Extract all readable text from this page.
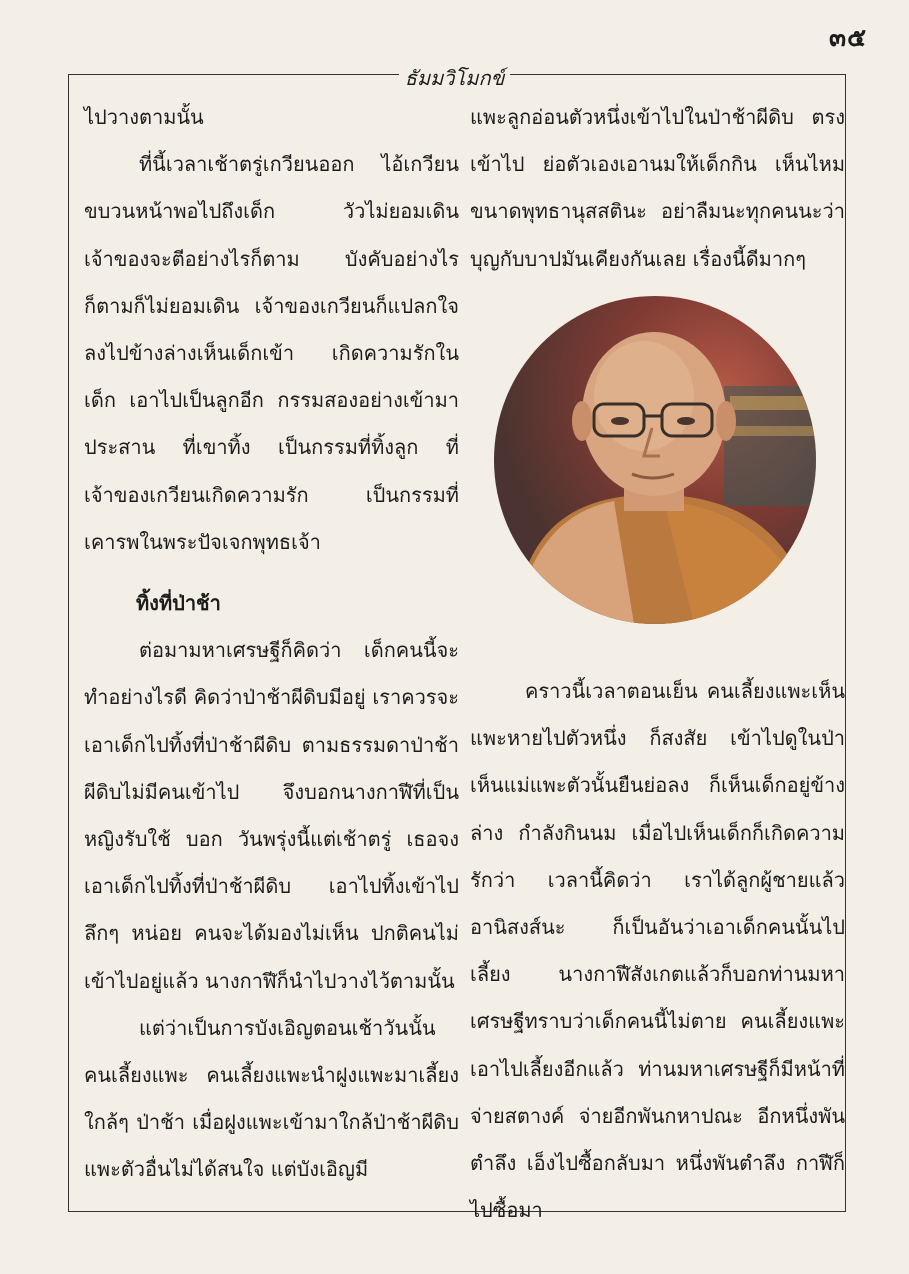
๓๕
ธัมมวิโมกข์

ไปวางตามนั้น

ที่นี้เวลาเช้าตรู่เกวียนออก ไอ้เกวียนขบวนหน้าพอไปถึงเด็ก วัวไม่ยอมเดิน เจ้าของจะตีอย่างไรก็ตาม บังคับอย่างไรก็ตามก็ไม่ยอมเดิน เจ้าของเกวียนก็แปลกใจ ลงไปข้างล่างเห็นเด็กเข้า เกิดความรักในเด็ก เอาไปเป็นลูกอีก กรรมสองอย่างเข้ามาประสาน ที่เขาทิ้ง เป็นกรรมที่ทิ้งลูก ที่เจ้าของเกวียนเกิดความรัก เป็นกรรมที่เคารพในพระปัจเจกพุทธเจ้า

ทิ้งที่ป่าช้า

ต่อมามหาเศรษฐีก็คิดว่า เด็กคนนี้จะทำอย่างไรดี คิดว่าป่าช้าผีดิบมีอยู่ เราควรจะเอาเด็กไปทิ้งที่ป่าช้าผีดิบ ตามธรรมดาป่าช้าผีดิบไม่มีคนเข้าไป จึงบอกนางกาฬีที่เป็นหญิงรับใช้ บอก วันพรุ่งนี้แต่เช้าตรู่ เธอจงเอาเด็กไปทิ้งที่ป่าช้าผีดิบ เอาไปทิ้งเข้าไปลึกๆ หน่อย คนจะได้มองไม่เห็น ปกติคนไม่เข้าไปอยู่แล้ว นางกาฬีก็นำไปวางไว้ตามนั้น

แต่ว่าเป็นการบังเอิญตอนเช้าวันนั้นคนเลี้ยงแพะ คนเลี้ยงแพะนำฝูงแพะมาเลี้ยงใกล้ๆ ป่าช้า เมื่อฝูงแพะเข้ามาใกล้ป่าช้าผีดิบ แพะตัวอื่นไม่ได้สนใจ แต่บังเอิญมี

แพะลูกอ่อนตัวหนึ่งเข้าไปในป่าช้าผีดิบ ตรงเข้าไป ย่อตัวเองเอานมให้เด็กกิน เห็นไหมขนาดพุทธานุสสตินะ อย่าลืมนะทุกคนนะว่าบุญกับบาปมันเคียงกันเลย เรื่องนี้ดีมากๆ

คราวนี้เวลาตอนเย็น คนเลี้ยงแพะเห็นแพะหายไปตัวหนึ่ง ก็สงสัย เข้าไปดูในป่า เห็นแม่แพะตัวนั้นยืนย่อลง ก็เห็นเด็กอยู่ข้างล่าง กำลังกินนม เมื่อไปเห็นเด็กก็เกิดความรักว่า เวลานี้คิดว่า เราได้ลูกผู้ชายแล้ว อานิสงส์นะ ก็เป็นอันว่าเอาเด็กคนนั้นไปเลี้ยง นางกาฬีสังเกตแล้วก็บอกท่านมหาเศรษฐีทราบว่าเด็กคนนี้ไม่ตาย คนเลี้ยงแพะเอาไปเลี้ยงอีกแล้ว ท่านมหาเศรษฐีก็มีหน้าที่จ่ายสตางค์ จ่ายอีกพันกหาปณะ อีกหนึ่งพันตำลึง เอ็งไปซื้อกลับมา หนึ่งพันตำลึง กาฬีก็ไปซื้อมา
